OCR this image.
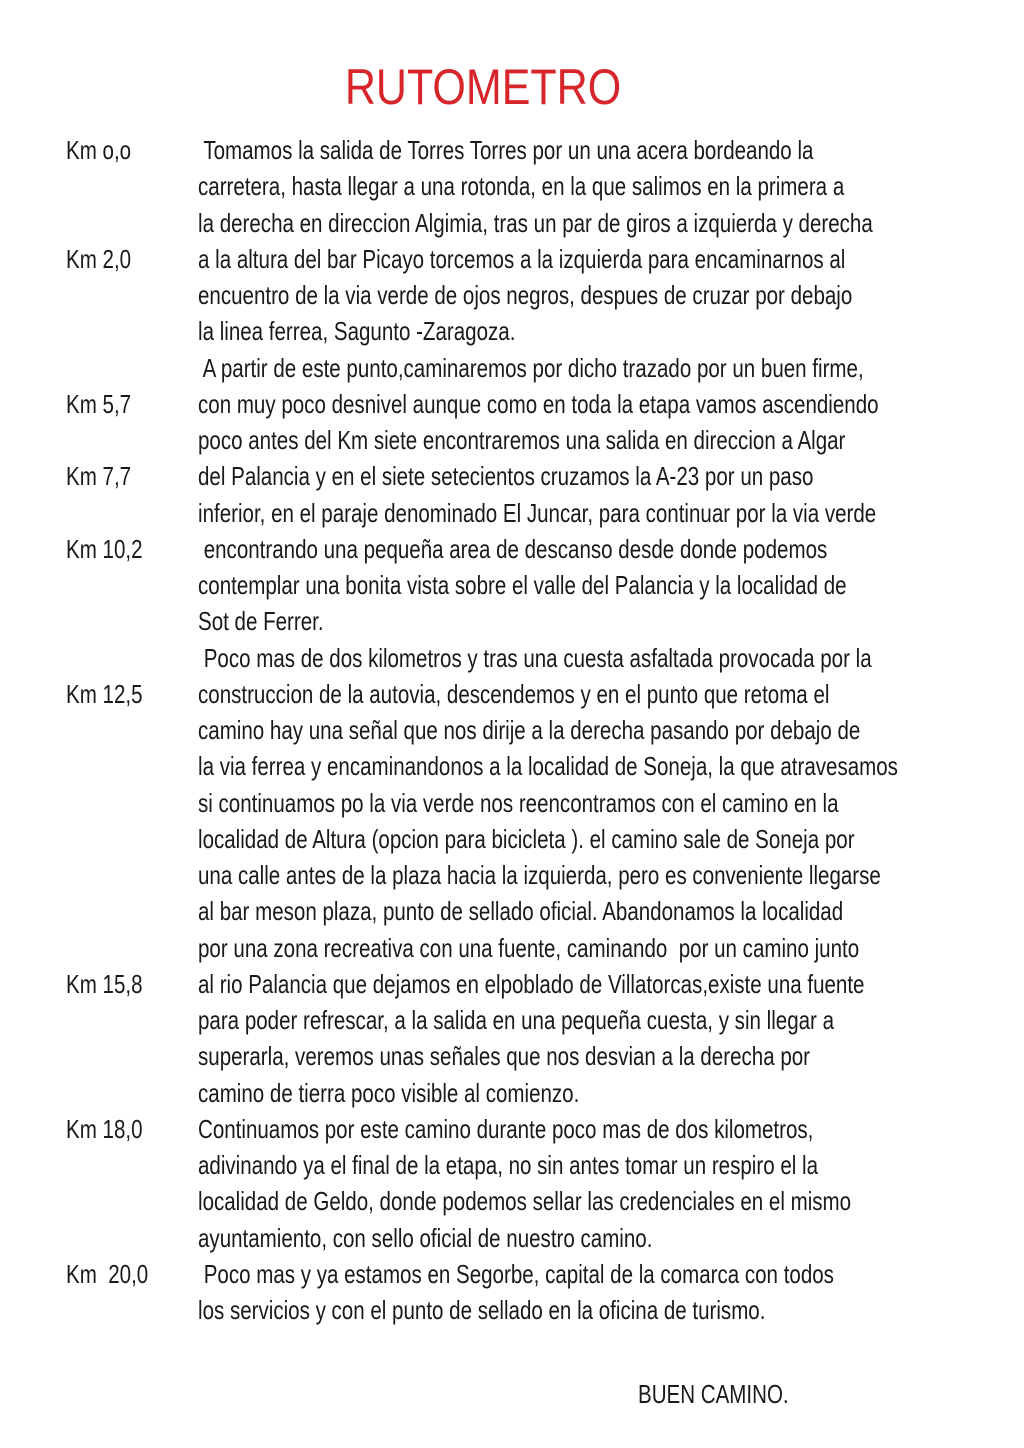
RUTOMETRO
Km o,o	Tomamos la salida de Torres Torres por un una acera bordeando la
carretera, hasta llegar a una rotonda, en la que salimos en la primera a
la derecha en direccion Algimia, tras un par de giros a izquierda y derecha
Km 2,0	a la altura del bar Picayo torcemos a la izquierda para encaminarnos al
encuentro de la via verde de ojos negros, despues de cruzar por debajo
la linea ferrea, Sagunto -Zaragoza.
A partir de este punto,caminaremos por dicho trazado por un buen firme,
Km 5,7	con muy poco desnivel aunque como en toda la etapa vamos ascendiendo
poco antes del Km siete encontraremos una salida en direccion a Algar
Km 7,7	del Palancia y en el siete setecientos cruzamos la A-23 por un paso
inferior, en el paraje denominado El Juncar, para continuar por la via verde
Km 10,2 encontrando una pequeña area de descanso desde donde podemos
contemplar una bonita vista sobre el valle del Palancia y la localidad de
Sot de Ferrer.
Poco mas de dos kilometros y tras una cuesta asfaltada provocada por la
Km 12,5 construccion de la autovia, descendemos y en el punto que retoma el
camino hay una señal que nos dirije a la derecha pasando por debajo de
la via ferrea y encaminandonos a la localidad de Soneja, la que atravesamos
si continuamos po la via verde nos reencontramos con el camino en la
localidad de Altura (opcion para bicicleta ). el camino sale de Soneja por
una calle antes de la plaza hacia la izquierda, pero es conveniente llegarse
al bar meson plaza, punto de sellado oficial. Abandonamos la localidad
por una zona recreativa con una fuente, caminando  por un camino junto
Km 15,8 al rio Palancia que dejamos en elpoblado de Villatorcas,existe una fuente
para poder refrescar, a la salida en una pequeña cuesta, y sin llegar a
superarla, veremos unas señales que nos desvian a la derecha por
camino de tierra poco visible al comienzo.
Km 18,0 Continuamos por este camino durante poco mas de dos kilometros,
adivinando ya el final de la etapa, no sin antes tomar un respiro el la
localidad de Geldo, donde podemos sellar las credenciales en el mismo
ayuntamiento, con sello oficial de nuestro camino.
Km  20,0 Poco mas y ya estamos en Segorbe, capital de la comarca con todos
los servicios y con el punto de sellado en la oficina de turismo.
BUEN CAMINO.
